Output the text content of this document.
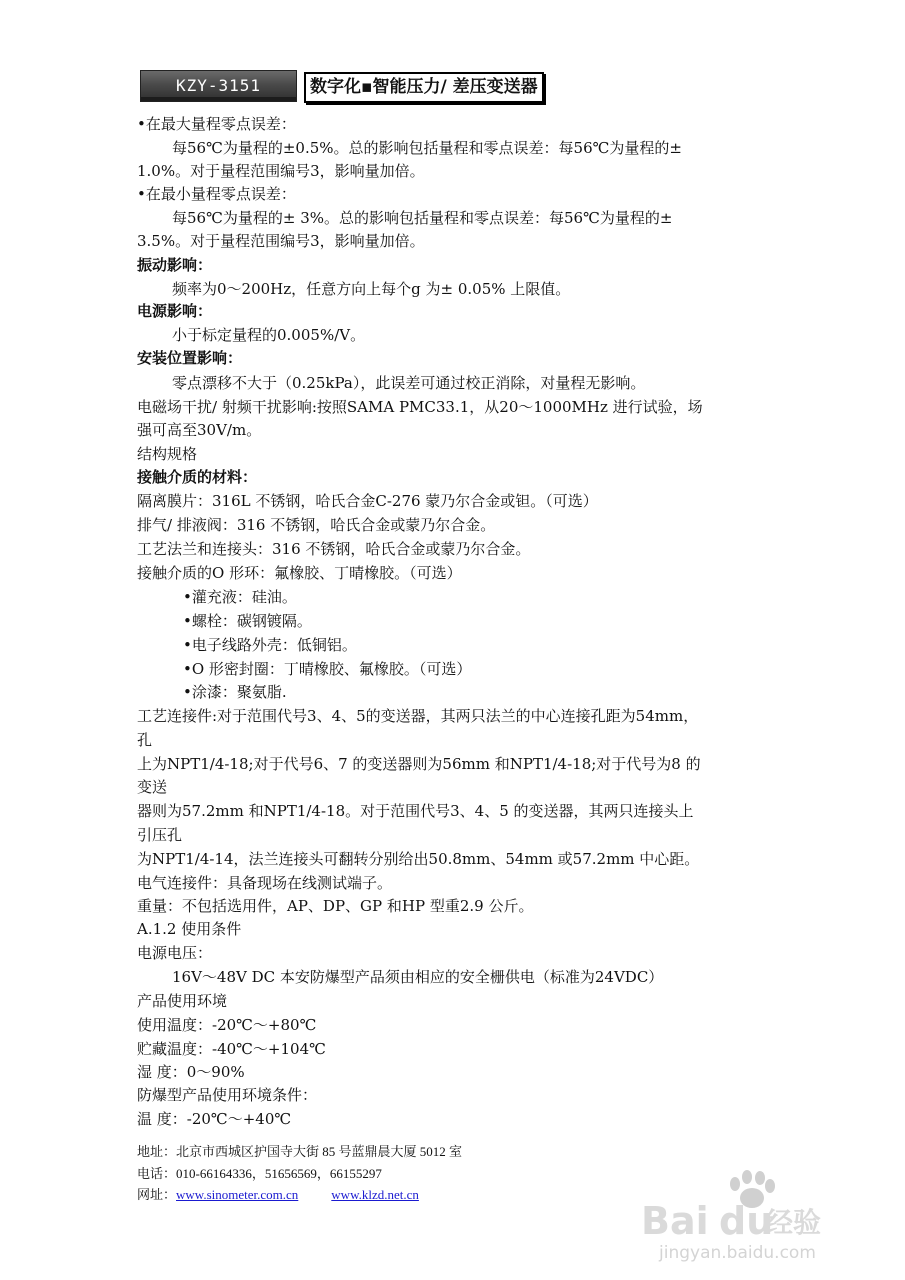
KZY-3151	数字化▪智能压力/ 差压变送器
•在最大量程零点误差：
每56℃为量程的±0.5%。总的影响包括量程和零点误差：每56℃为量程的±
1.0%。对于量程范围编号3，影响量加倍。
•在最小量程零点误差：
每56℃为量程的± 3%。总的影响包括量程和零点误差：每56℃为量程的±
3.5%。对于量程范围编号3，影响量加倍。
振动影响：
频率为0～200Hz，任意方向上每个g 为± 0.05% 上限值。
电源影响：
小于标定量程的0.005%/V。
安装位置影响：
零点漂移不大于（0.25kPa），此误差可通过校正消除，对量程无影响。
电磁场干扰/ 射频干扰影响:按照SAMA PMC33.1，从20～1000MHz 进行试验，场
强可高至30V/m。
结构规格
接触介质的材料：
隔离膜片：316L 不锈钢，哈氏合金C-276 蒙乃尔合金或钽。（可选）
排气/ 排液阀：316 不锈钢，哈氏合金或蒙乃尔合金。
工艺法兰和连接头：316 不锈钢，哈氏合金或蒙乃尔合金。
接触介质的O 形环：氟橡胶、丁晴橡胶。（可选）
•灌充液：硅油。
•螺栓：碳钢镀隔。
•电子线路外壳：低铜铝。
•O 形密封圈：丁晴橡胶、氟橡胶。（可选）
•涂漆：聚氨脂.
工艺连接件:对于范围代号3、4、5的变送器，其两只法兰的中心连接孔距为54mm，
孔
上为NPT1/4-18;对于代号6、7 的变送器则为56mm 和NPT1/4-18;对于代号为8 的
变送
器则为57.2mm 和NPT1/4-18。对于范围代号3、4、5 的变送器，其两只连接头上
引压孔
为NPT1/4-14，法兰连接头可翻转分别给出50.8mm、54mm 或57.2mm 中心距。
电气连接件：具备现场在线测试端子。
重量：不包括选用件，AP、DP、GP 和HP 型重2.9 公斤。
A.1.2 使用条件
电源电压：
16V～48V DC 本安防爆型产品须由相应的安全栅供电（标准为24VDC）
产品使用环境
使用温度：-20℃～+80℃
贮藏温度：-40℃～+104℃
湿 度：0～90%
防爆型产品使用环境条件：
温 度：-20℃～+40℃
地址：北京市西城区护国寺大街 85 号蓝鼎晨大厦 5012 室
电话：010-66164336，51656569，66155297
网址：www.sinometer.com.cn	www.klzd.net.cn
Bai du
经验
jingyan.baidu.com
